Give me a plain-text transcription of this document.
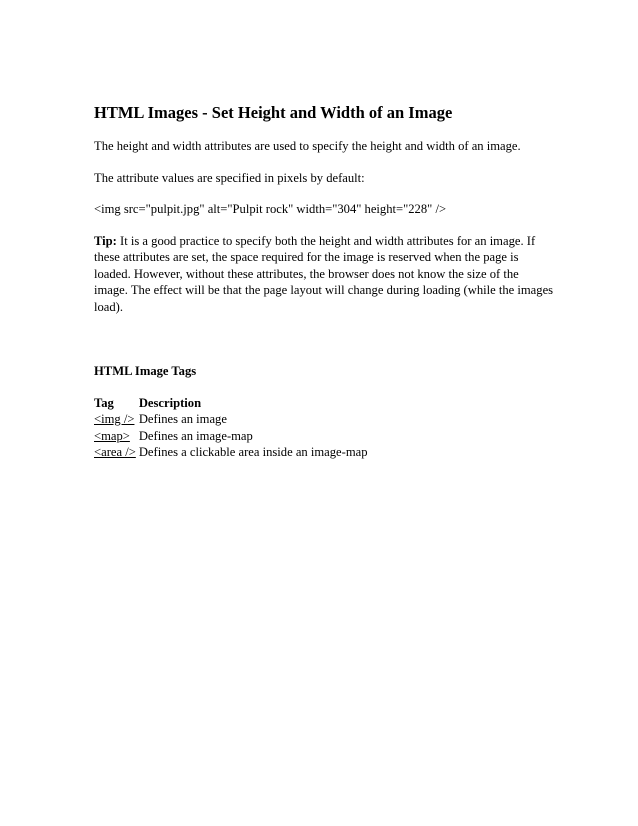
HTML Images - Set Height and Width of an Image

The height and width attributes are used to specify the height and width of an image.

The attribute values are specified in pixels by default:

<img src="pulpit.jpg" alt="Pulpit rock" width="304" height="228" />

Tip: It is a good practice to specify both the height and width attributes for an image. If these attributes are set, the space required for the image is reserved when the page is loaded. However, without these attributes, the browser does not know the size of the image. The effect will be that the page layout will change during loading (while the images load).

HTML Image Tags
Tag	Description
<img />	Defines an image
<map>	Defines an image-map
<area />	Defines a clickable area inside an image-map
